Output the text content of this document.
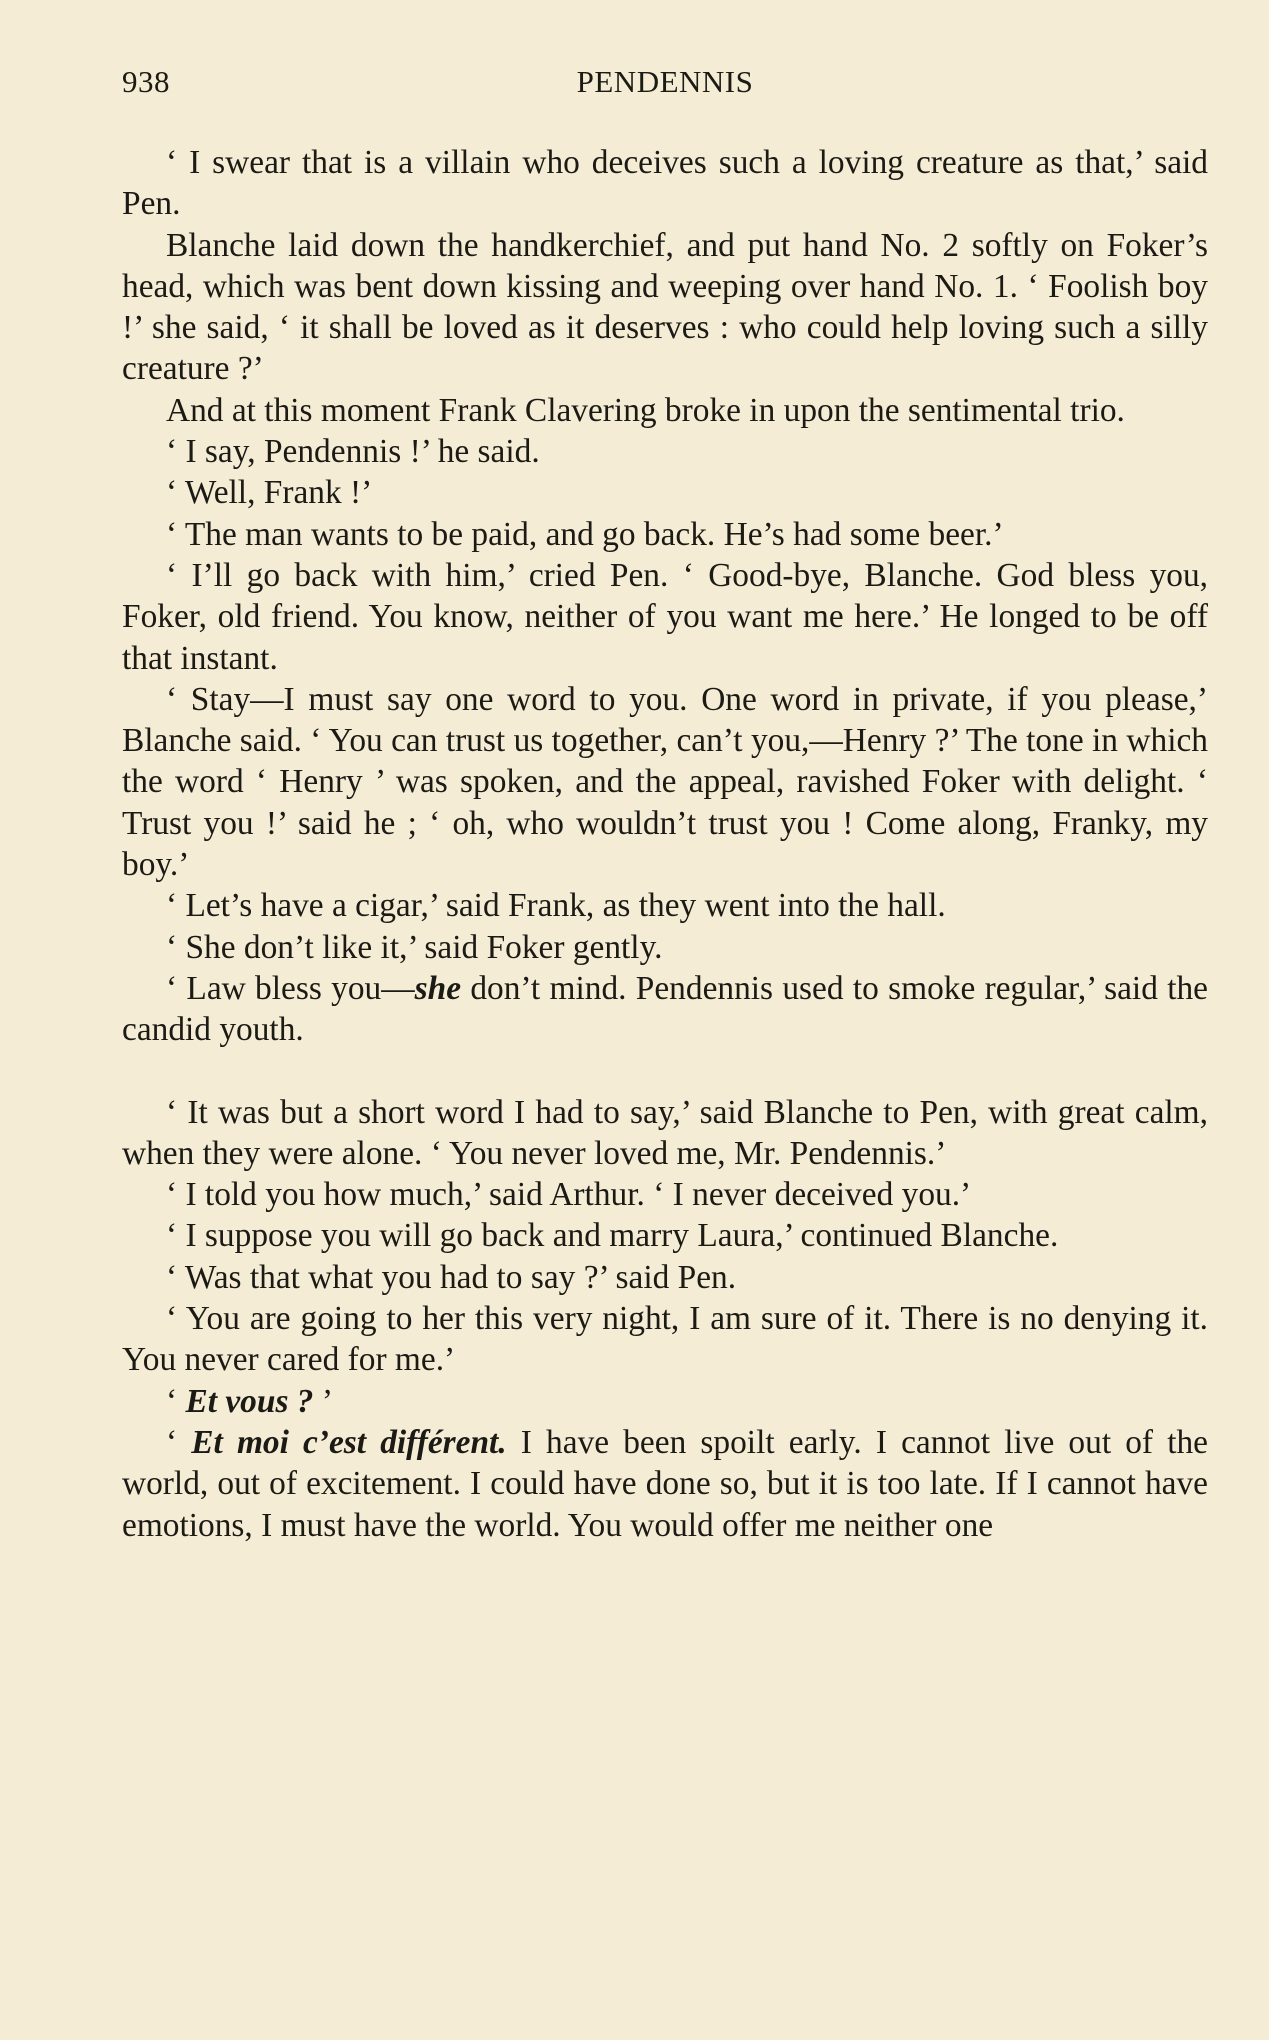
938	PENDENNIS

‘ I swear that is a villain who deceives such a loving creature as that,’ said Pen.

Blanche laid down the handkerchief, and put hand No. 2 softly on Foker’s head, which was bent down kissing and weeping over hand No. 1. ‘ Foolish boy !’ she said, ‘ it shall be loved as it deserves : who could help loving such a silly creature ?’

And at this moment Frank Clavering broke in upon the sentimental trio.

‘ I say, Pendennis !’ he said.

‘ Well, Frank !’

‘ The man wants to be paid, and go back. He’s had some beer.’

‘ I’ll go back with him,’ cried Pen. ‘ Good-bye, Blanche. God bless you, Foker, old friend. You know, neither of you want me here.’ He longed to be off that instant.

‘ Stay—I must say one word to you. One word in private, if you please,’ Blanche said. ‘ You can trust us together, can’t you,—Henry ?’ The tone in which the word ‘ Henry ’ was spoken, and the appeal, ravished Foker with delight. ‘ Trust you !’ said he ; ‘ oh, who wouldn’t trust you ! Come along, Franky, my boy.’

‘ Let’s have a cigar,’ said Frank, as they went into the hall.

‘ She don’t like it,’ said Foker gently.

‘ Law bless you—she don’t mind. Pendennis used to smoke regular,’ said the candid youth.

‘ It was but a short word I had to say,’ said Blanche to Pen, with great calm, when they were alone. ‘ You never loved me, Mr. Pendennis.’

‘ I told you how much,’ said Arthur. ‘ I never deceived you.’

‘ I suppose you will go back and marry Laura,’ continued Blanche.

‘ Was that what you had to say ?’ said Pen.

‘ You are going to her this very night, I am sure of it. There is no denying it. You never cared for me.’

‘ Et vous ? ’

‘ Et moi c’est différent. I have been spoilt early. I cannot live out of the world, out of excitement. I could have done so, but it is too late. If I cannot have emotions, I must have the world. You would offer me neither one
